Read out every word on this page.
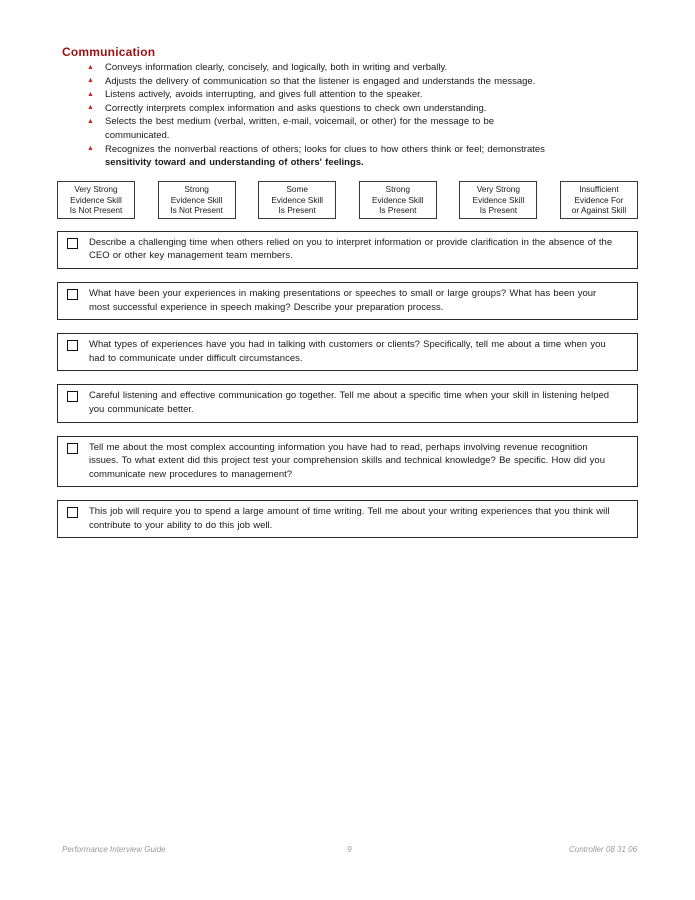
Communication
▲ Conveys information clearly, concisely, and logically, both in writing and verbally.
▲ Adjusts the delivery of communication so that the listener is engaged and understands the message.
▲ Listens actively, avoids interrupting, and gives full attention to the speaker.
▲ Correctly interprets complex information and asks questions to check own understanding.
▲ Selects the best medium (verbal, written, e-mail, voicemail, or other) for the message to be
communicated.
▲ Recognizes the nonverbal reactions of others; looks for clues to how others think or feel; demonstrates
sensitivity toward and understanding of others' feelings.
Very Strong
Evidence Skill
Is Not Present
Strong
Evidence Skill
Is Not Present
Some
Evidence Skill
Is Present
Strong
Evidence Skill
Is Present
Very Strong
Evidence Skill
Is Present
Insufficient
Evidence For
or Against Skill
Describe a challenging time when others relied on you to interpret information or provide clarification in the absence of the CEO or other key management team members.
What have been your experiences in making presentations or speeches to small or large groups? What has been your most successful experience in speech making? Describe your preparation process.
What types of experiences have you had in talking with customers or clients? Specifically, tell me about a time when you had to communicate under difficult circumstances.
Careful listening and effective communication go together. Tell me about a specific time when your skill in listening helped you communicate better.
Tell me about the most complex accounting information you have had to read, perhaps involving revenue recognition issues. To what extent did this project test your comprehension skills and technical knowledge? Be specific. How did you communicate new procedures to management?
This job will require you to spend a large amount of time writing. Tell me about your writing experiences that you think will contribute to your ability to do this job well.
Performance Interview Guide	9	Controller 08 31 06
